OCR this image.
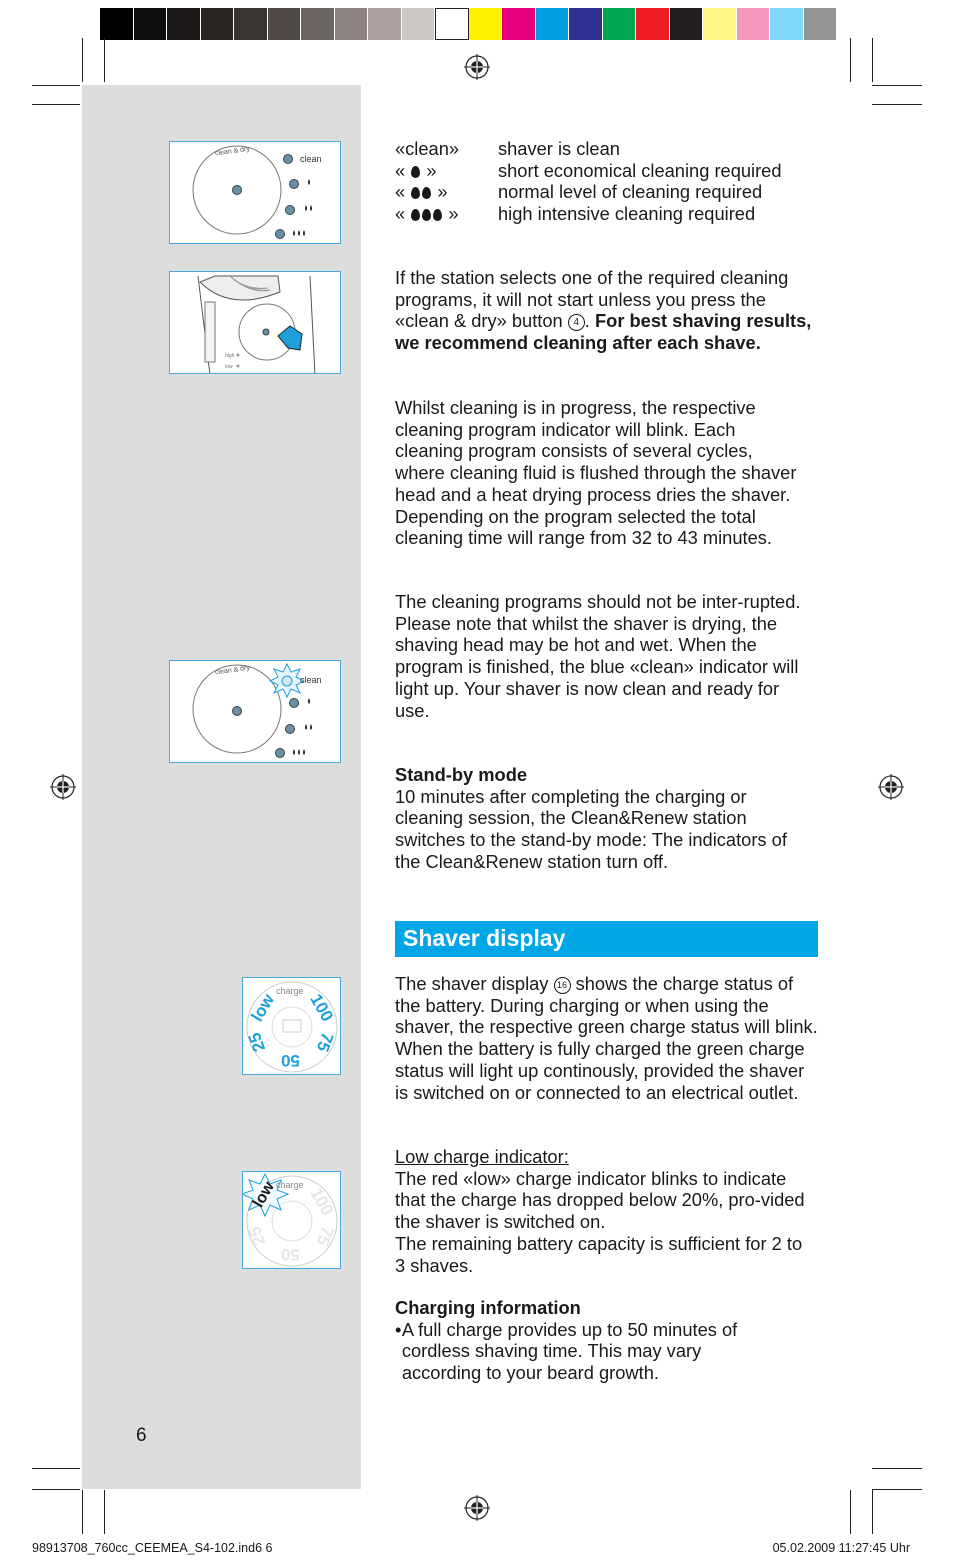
clean & dry
clean
high
low
clean & dry
clean
charge
low 100
75
50
25
charge
low 100
75
50
25
«clean»	shaver is clean
« »	short economical cleaning required
« »	normal level of cleaning required
« »	high intensive cleaning required

If the station selects one of the required cleaning programs, it will not start unless you press the «clean & dry» button 4 . For best shaving results, we recommend cleaning after each shave.

Whilst cleaning is in progress, the respective cleaning program indicator will blink. Each cleaning program consists of several cycles, where cleaning fluid is flushed through the shaver head and a heat drying process dries the shaver. Depending on the program selected the total cleaning time will range from 32 to 43 minutes.

The cleaning programs should not be inter-rupted. Please note that whilst the shaver is drying, the shaving head may be hot and wet. When the program is finished, the blue «clean» indicator will light up. Your shaver is now clean and ready for use.

Stand-by mode

10 minutes after completing the charging or cleaning session, the Clean&Renew station switches to the stand-by mode: The indicators of the Clean&Renew station turn off.

Shaver display

The shaver display 16 shows the charge status of the battery. During charging or when using the shaver, the respective green charge status will blink. When the battery is fully charged the green charge status will light up continously, provided the shaver is switched on or connected to an electrical outlet.

Low charge indicator:

The red «low» charge indicator blinks to indicate that the charge has dropped below 20%, pro-vided the shaver is switched on.

The remaining battery capacity is sufficient for 2 to 3 shaves.

Charging information

• A full charge provides up to 50 minutes of cordless shaving time. This may vary according to your beard growth.
6
98913708_760cc_CEEMEA_S4-102.ind6 6	05.02.2009 11:27:45 Uhr
